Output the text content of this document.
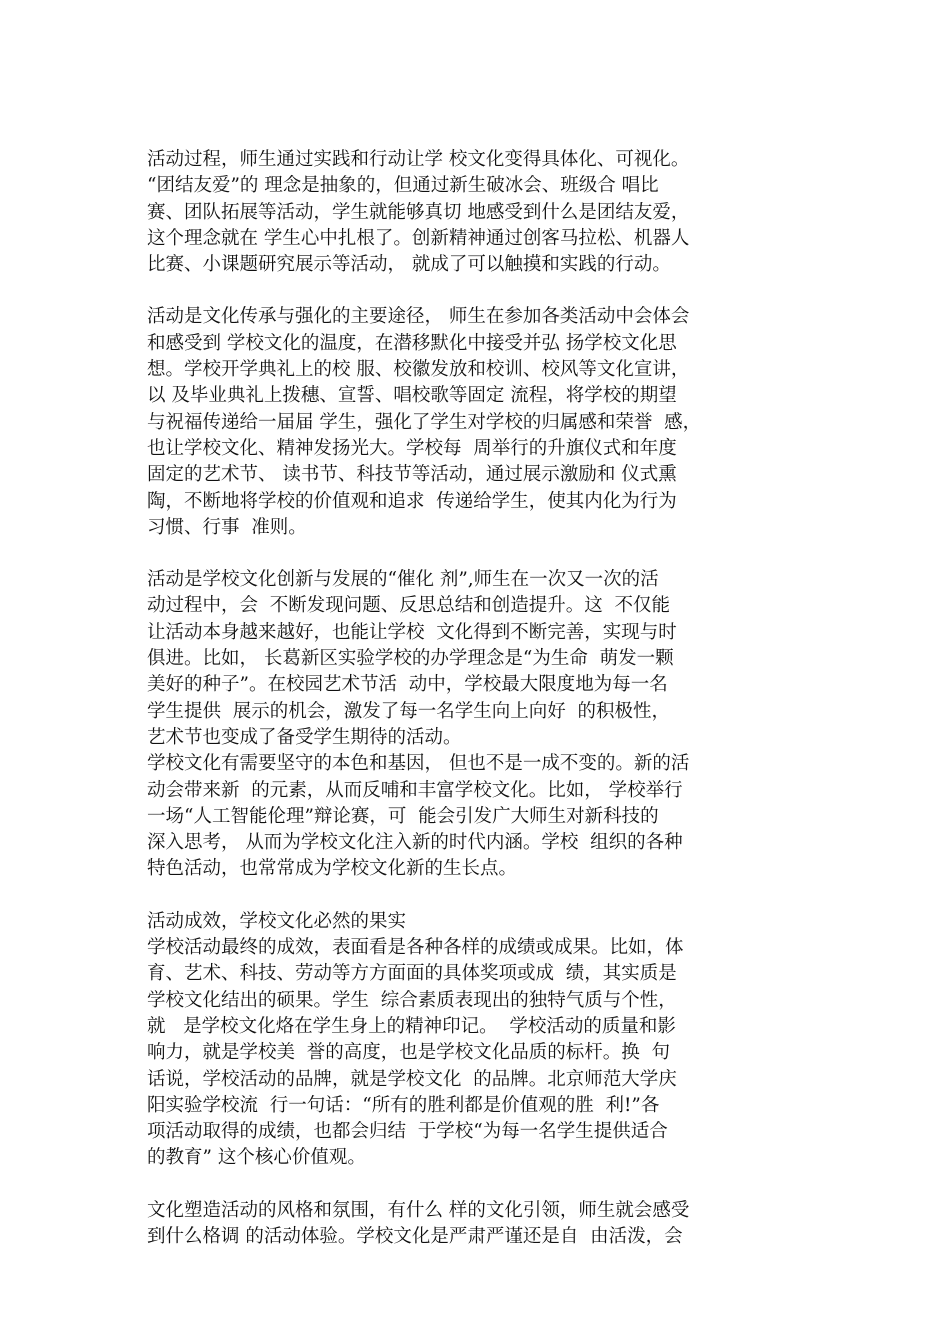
活动过程，师生通过实践和行动让学 校文化变得具体化、可视化。
“团结友爱”的 理念是抽象的，但通过新生破冰会、班级合 唱比
赛、团队拓展等活动，学生就能够真切 地感受到什么是团结友爱，
这个理念就在 学生心中扎根了。创新精神通过创客马拉松、机器人
比赛、小课题研究展示等活动， 就成了可以触摸和实践的行动。
活动是文化传承与强化的主要途径， 师生在参加各类活动中会体会
和感受到 学校文化的温度，在潜移默化中接受并弘 扬学校文化思
想。学校开学典礼上的校 服、校徽发放和校训、校风等文化宣讲，
以 及毕业典礼上拨穗、宣誓、唱校歌等固定 流程，将学校的期望
与祝福传递给一届届 学生，强化了学生对学校的归属感和荣誉  感，
也让学校文化、精神发扬光大。学校每  周举行的升旗仪式和年度
固定的艺术节、 读书节、科技节等活动，通过展示激励和 仪式熏
陶，不断地将学校的价值观和追求  传递给学生，使其内化为行为
习惯、行事  准则。
活动是学校文化创新与发展的“催化 剂”,师生在一次又一次的活
动过程中，会  不断发现问题、反思总结和创造提升。这  不仅能
让活动本身越来越好，也能让学校  文化得到不断完善，实现与时
俱进。比如， 长葛新区实验学校的办学理念是“为生命  萌发一颗
美好的种子”。在校园艺术节活  动中，学校最大限度地为每一名
学生提供  展示的机会，激发了每一名学生向上向好  的积极性，
艺术节也变成了备受学生期待的活动。
学校文化有需要坚守的本色和基因， 但也不是一成不变的。新的活
动会带来新  的元素，从而反哺和丰富学校文化。比如， 学校举行
一场“人工智能伦理”辩论赛，可  能会引发广大师生对新科技的
深入思考， 从而为学校文化注入新的时代内涵。学校  组织的各种
特色活动，也常常成为学校文化新的生长点。
活动成效，学校文化必然的果实
学校活动最终的成效，表面看是各种各样的成绩或成果。比如，体
育、艺术、科技、劳动等方方面面的具体奖项或成  绩，其实质是
学校文化结出的硕果。学生  综合素质表现出的独特气质与个性，
就   是学校文化烙在学生身上的精神印记。  学校活动的质量和影
响力，就是学校美  誉的高度，也是学校文化品质的标杆。换  句
话说，学校活动的品牌，就是学校文化  的品牌。北京师范大学庆
阳实验学校流  行一句话：“所有的胜利都是价值观的胜  利!”各
项活动取得的成绩，也都会归结  于学校“为每一名学生提供适合
的教育” 这个核心价值观。
文化塑造活动的风格和氛围，有什么 样的文化引领，师生就会感受
到什么格调 的活动体验。学校文化是严肃严谨还是自  由活泼，会
